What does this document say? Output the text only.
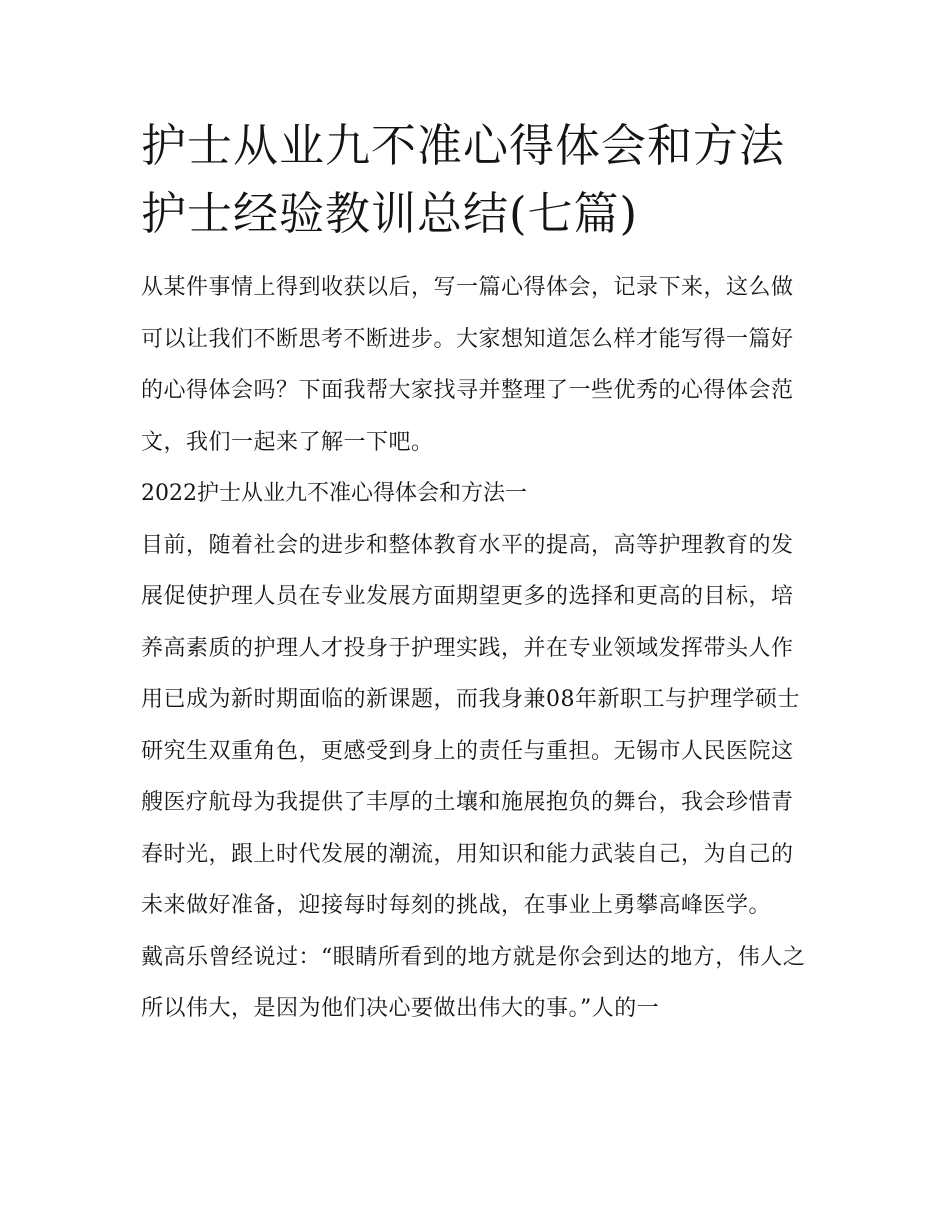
护士从业九不准心得体会和方法 护士经验教训总结(七篇)

从某件事情上得到收获以后，写一篇心得体会，记录下来，这么做可以让我们不断思考不断进步。大家想知道怎么样才能写得一篇好的心得体会吗？下面我帮大家找寻并整理了一些优秀的心得体会范文，我们一起来了解一下吧。

2022护士从业九不准心得体会和方法一

目前，随着社会的进步和整体教育水平的提高，高等护理教育的发展促使护理人员在专业发展方面期望更多的选择和更高的目标，培养高素质的护理人才投身于护理实践，并在专业领域发挥带头人作用已成为新时期面临的新课题，而我身兼08年新职工与护理学硕士研究生双重角色，更感受到身上的责任与重担。无锡市人民医院这艘医疗航母为我提供了丰厚的土壤和施展抱负的舞台，我会珍惜青春时光，跟上时代发展的潮流，用知识和能力武装自己，为自己的未来做好准备，迎接每时每刻的挑战，在事业上勇攀高峰医学。

戴高乐曾经说过：“眼睛所看到的地方就是你会到达的地方，伟人之所以伟大，是因为他们决心要做出伟大的事。”人的一
